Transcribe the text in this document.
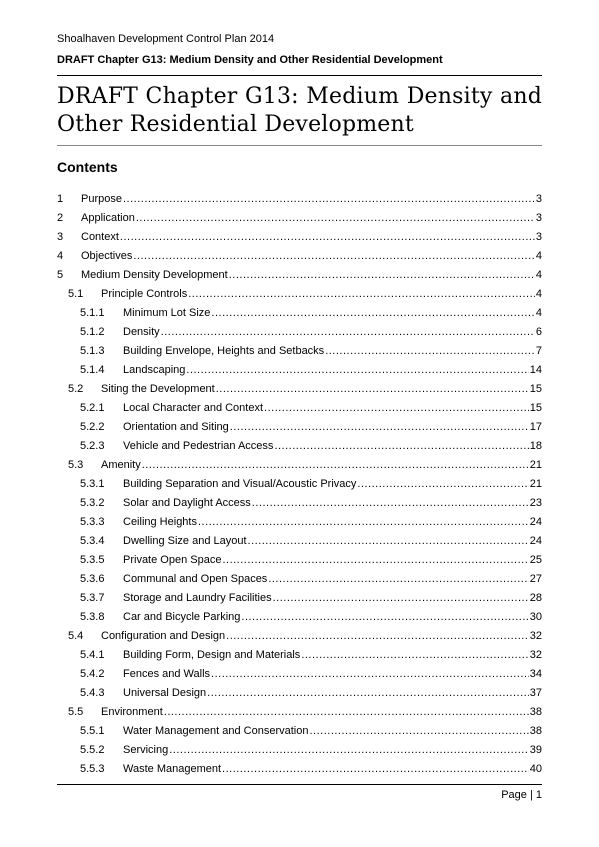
Shoalhaven Development Control Plan 2014
DRAFT Chapter G13: Medium Density and Other Residential Development
DRAFT Chapter G13: Medium Density and Other Residential Development
Contents
1	Purpose .....	3
2	Application .....	3
3	Context .....	3
4	Objectives .....	4
5	Medium Density Development .....	4
5.1	Principle Controls .....	4
5.1.1	Minimum Lot Size .....	4
5.1.2	Density .....	6
5.1.3	Building Envelope, Heights and Setbacks .....	7
5.1.4	Landscaping .....	14
5.2	Siting the Development .....	15
5.2.1	Local Character and Context .....	15
5.2.2	Orientation and Siting .....	17
5.2.3	Vehicle and Pedestrian Access .....	18
5.3	Amenity .....	21
5.3.1	Building Separation and Visual/Acoustic Privacy .....	21
5.3.2	Solar and Daylight Access .....	23
5.3.3	Ceiling Heights .....	24
5.3.4	Dwelling Size and Layout .....	24
5.3.5	Private Open Space .....	25
5.3.6	Communal and Open Spaces .....	27
5.3.7	Storage and Laundry Facilities .....	28
5.3.8	Car and Bicycle Parking .....	30
5.4	Configuration and Design .....	32
5.4.1	Building Form, Design and Materials .....	32
5.4.2	Fences and Walls .....	34
5.4.3	Universal Design .....	37
5.5	Environment .....	38
5.5.1	Water Management and Conservation .....	38
5.5.2	Servicing .....	39
5.5.3	Waste Management .....	40
Page | 1
